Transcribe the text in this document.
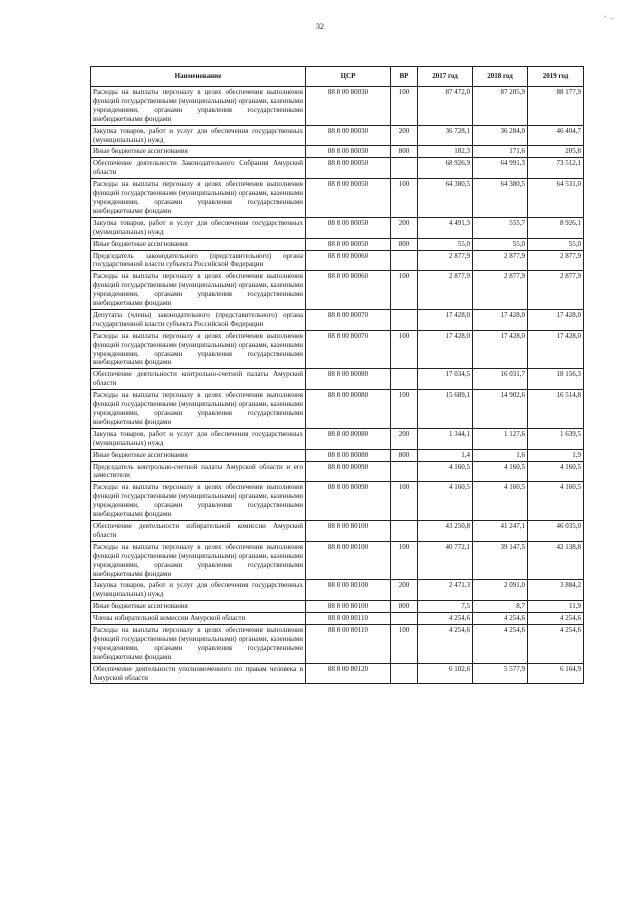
32
‘ –
Наименование	ЦСР	ВР	2017 год	2018 год	2019 год
Расходы на выплаты персоналу в целях обеспечения выполнения функций государственными (муниципальными) органами, казенными учреждениями, органами управления государственными внебюджетными фондами	88 8 00 80030	100	87 472,0	87 205,9	88 177,9
Закупка товаров, работ и услуг для обеспечения государственных (муниципальных) нужд	88 8 00 80030	200	36 728,1	36 284,0	46 404,7
Иные бюджетные ассигнования	88 8 00 80030	800	182,3	171,6	205,8
Обеспечение деятельности Законодательного Собрания Амурской области	88 8 00 80050		68 926,9	64 991,3	73 512,1
Расходы на выплаты персоналу в целях обеспечения выполнения функций государственными (муниципальными) органами, казенными учреждениями, органами управления государственными внебюджетными фондами	88 8 00 80050	100	64 380,5	64 380,5	64 531,0
Закупка товаров, работ и услуг для обеспечения государственных (муниципальных) нужд	88 8 00 80050	200	4 491,3	555,7	8 926,1
Иные бюджетные ассигнования	88 8 00 80050	800	55,0	55,0	55,0
Председатель законодательного (представительного) органа государственной власти субъекта Российской Федерации	88 8 00 80060		2 877,9	2 877,9	2 877,9
Расходы на выплаты персоналу в целях обеспечения выполнения функций государственными (муниципальными) органами, казенными учреждениями, органами управления государственными внебюджетными фондами	88 8 00 80060	100	2 877,9	2 877,9	2 877,9
Депутаты (члены) законодательного (представительного) органа государственной власти субъекта Российской Федерации	88 8 00 80070		17 428,0	17 428,0	17 428,0
Расходы на выплаты персоналу в целях обеспечения выполнения функций государственными (муниципальными) органами, казенными учреждениями, органами управления государственными внебюджетными фондами	88 8 00 80070	100	17 428,0	17 428,0	17 428,0
Обеспечение деятельности контрольно-счетной палаты Амурской области	88 8 00 80080		17 034,5	16 031,7	18 156,3
Расходы на выплаты персоналу в целях обеспечения выполнения функций государственными (муниципальными) органами, казенными учреждениями, органами управления государственными внебюджетными фондами	88 8 00 80080	100	15 689,1	14 902,6	16 514,8
Закупка товаров, работ и услуг для обеспечения государственных (муниципальных) нужд	88 8 00 80080	200	1 344,1	1 127,6	1 639,5
Иные бюджетные ассигнования	88 8 00 80080	800	1,4	1,6	1,9
Председатель контрольно-счетной палаты Амурской области и его заместители	88 8 00 80090		4 160,5	4 160,5	4 160,5
Расходы на выплаты персоналу в целях обеспечения выполнения функций государственными (муниципальными) органами, казенными учреждениями, органами управления государственными внебюджетными фондами	88 8 00 80090	100	4 160,5	4 160,5	4 160,5
Обеспечение деятельности избирательной комиссии Амурской области	88 8 00 80100		43 250,8	41 247,1	46 035,0
Расходы на выплаты персоналу в целях обеспечения выполнения функций государственными (муниципальными) органами, казенными учреждениями, органами управления государственными внебюджетными фондами	88 8 00 80100	100	40 772,1	39 147,5	42 138,8
Закупка товаров, работ и услуг для обеспечения государственных (муниципальных) нужд	88 8 00 80100	200	2 471,3	2 091,0	3 884,2
Иные бюджетные ассигнования	88 8 00 80100	800	7,5	8,7	11,9
Члены избирательной комиссии Амурской области	88 8 00 80110		4 254,6	4 254,6	4 254,6
Расходы на выплаты персоналу в целях обеспечения выполнения функций государственными (муниципальными) органами, казенными учреждениями, органами управления государственными внебюджетными фондами	88 8 00 80110	100	4 254,6	4 254,6	4 254,6
Обеспечение деятельности уполномоченного по правам человека в Амурской области	88 8 00 80120		6 102,6	5 577,9	6 164,9
